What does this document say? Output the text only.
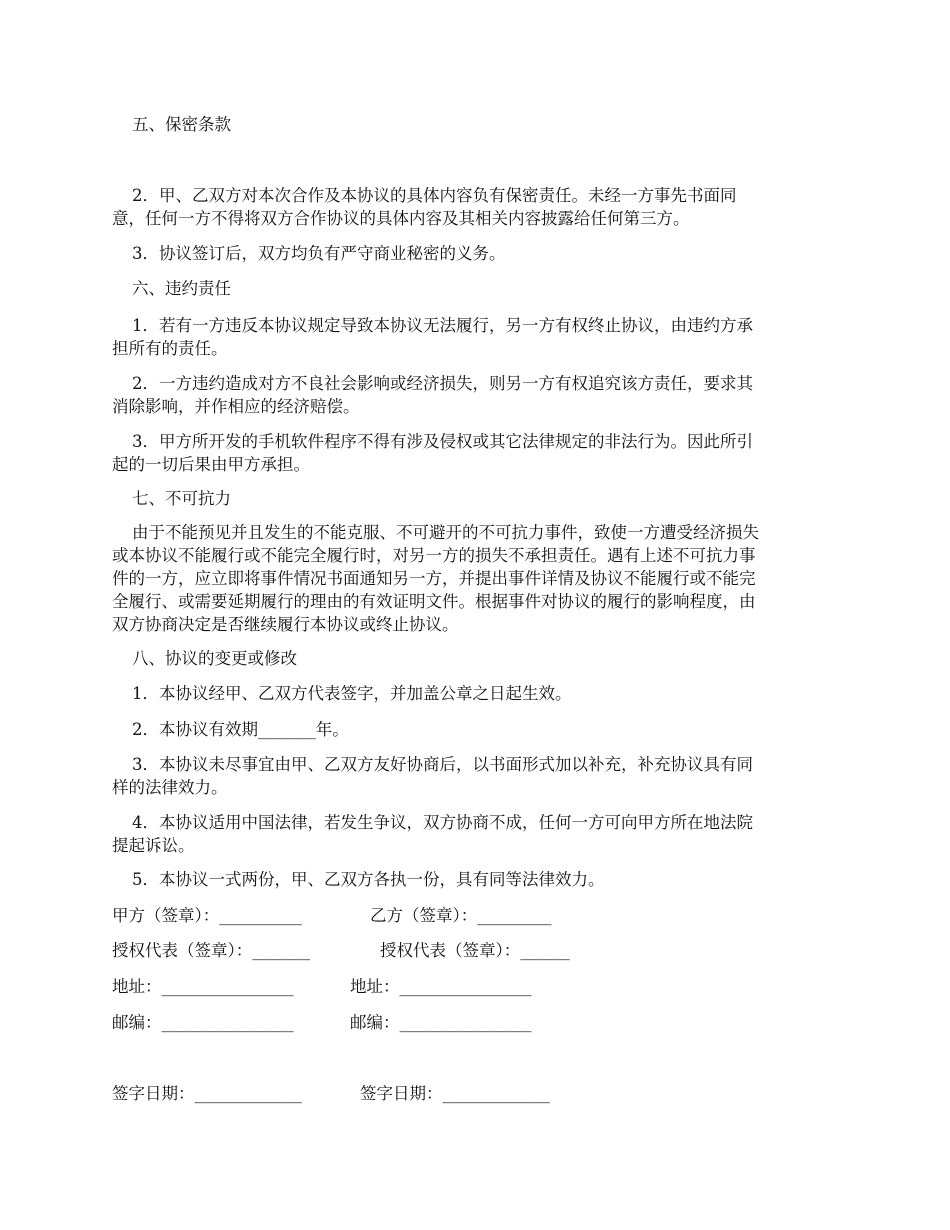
五、保密条款
2．甲、乙双方对本次合作及本协议的具体内容负有保密责任。未经一方事先书面同
意，任何一方不得将双方合作协议的具体内容及其相关内容披露给任何第三方。
3．协议签订后，双方均负有严守商业秘密的义务。
六、违约责任
1．若有一方违反本协议规定导致本协议无法履行，另一方有权终止协议，由违约方承
担所有的责任。
2．一方违约造成对方不良社会影响或经济损失，则另一方有权追究该方责任，要求其
消除影响，并作相应的经济赔偿。
3．甲方所开发的手机软件程序不得有涉及侵权或其它法律规定的非法行为。因此所引
起的一切后果由甲方承担。
七、不可抗力
由于不能预见并且发生的不能克服、不可避开的不可抗力事件，致使一方遭受经济损失
或本协议不能履行或不能完全履行时，对另一方的损失不承担责任。遇有上述不可抗力事
件的一方，应立即将事件情况书面通知另一方，并提出事件详情及协议不能履行或不能完
全履行、或需要延期履行的理由的有效证明文件。根据事件对协议的履行的影响程度，由
双方协商决定是否继续履行本协议或终止协议。
八、协议的变更或修改
1．本协议经甲、乙双方代表签字，并加盖公章之日起生效。
2．本协议有效期_______年。
3．本协议未尽事宜由甲、乙双方友好协商后，以书面形式加以补充，补充协议具有同
样的法律效力。
4．本协议适用中国法律，若发生争议，双方协商不成，任何一方可向甲方所在地法院
提起诉讼。
5．本协议一式两份，甲、乙双方各执一份，具有同等法律效力。
甲方（签章）：__________	乙方（签章）：_________
授权代表（签章）：_______	授权代表（签章）：______
地址：________________	地址：________________
邮编：________________	邮编：________________
签字日期：_____________	签字日期：_____________
